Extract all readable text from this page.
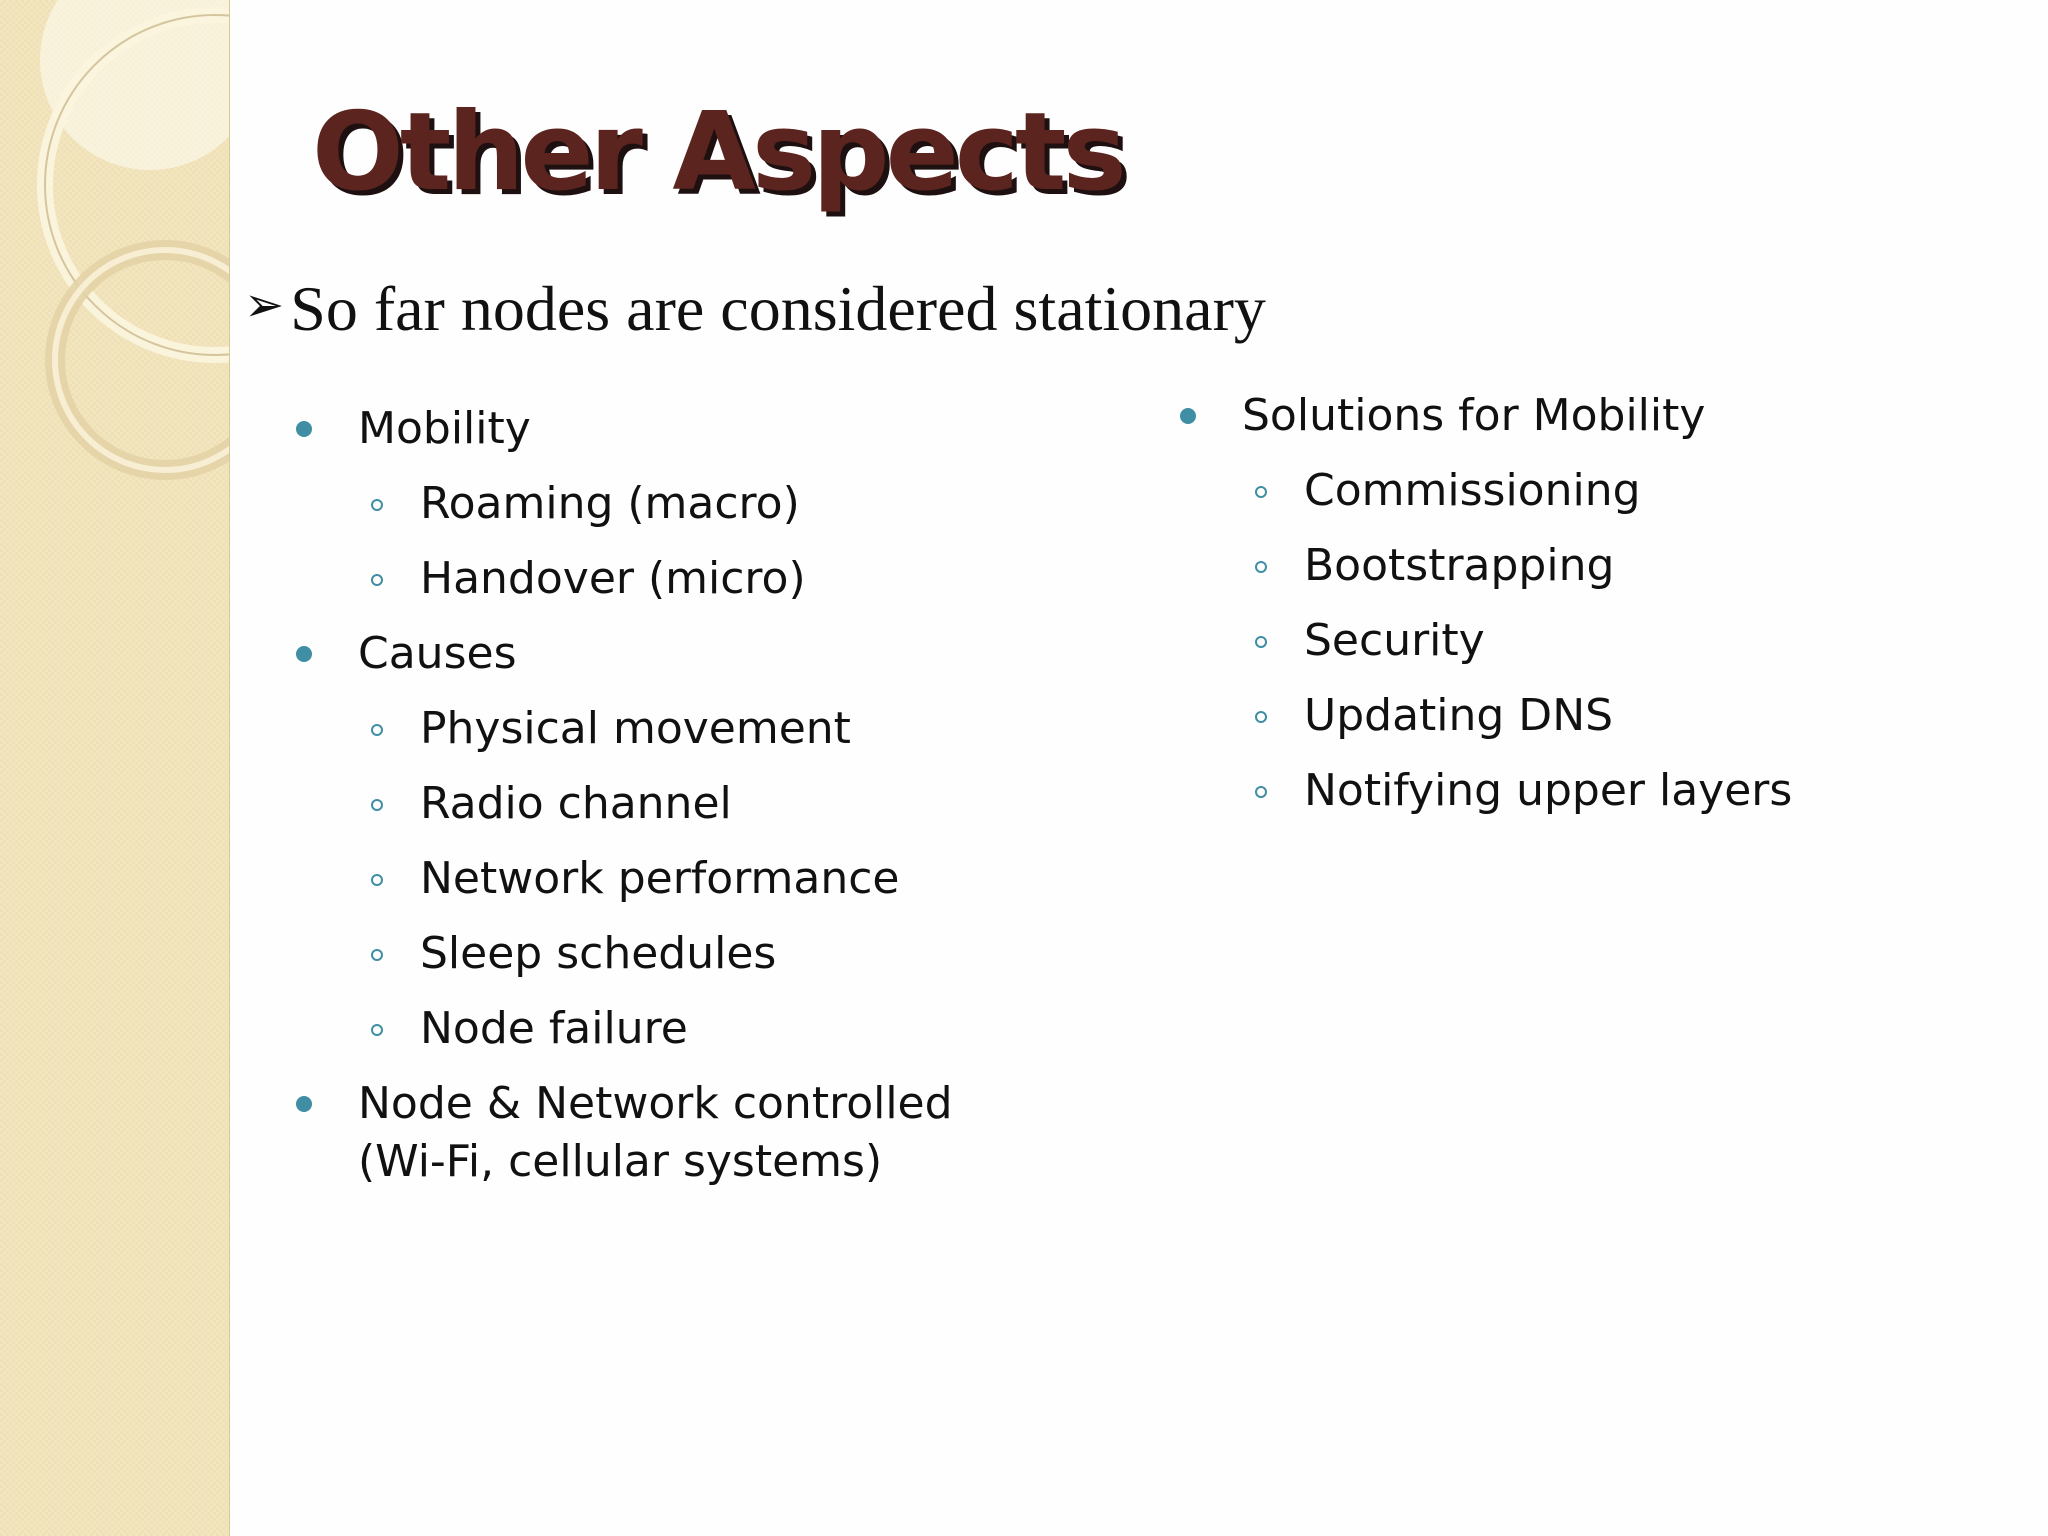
Other Aspects
➢ So far nodes are considered stationary
Mobility
Roaming (macro)
Handover (micro)
Causes
Physical movement
Radio channel
Network performance
Sleep schedules
Node failure
Node & Network controlled (Wi-Fi, cellular systems)
Solutions for Mobility
Commissioning
Bootstrapping
Security
Updating DNS
Notifying upper layers
